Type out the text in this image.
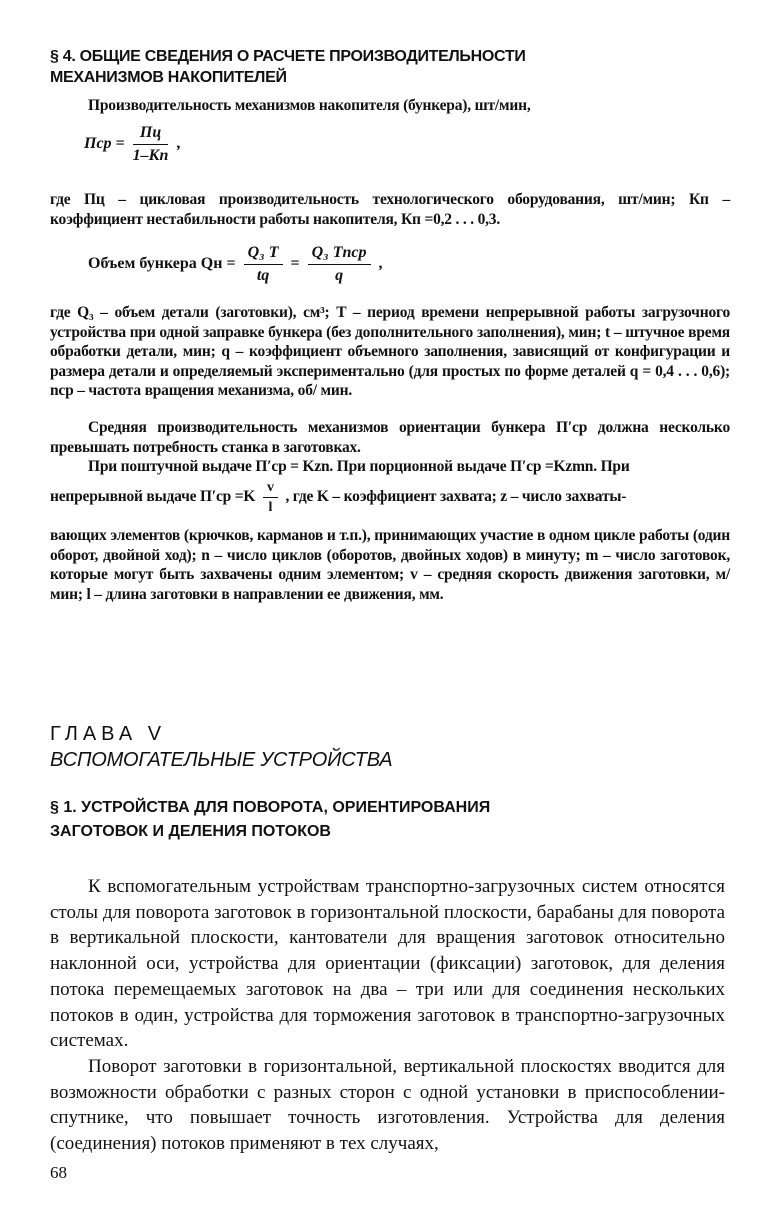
§ 4. ОБЩИЕ СВЕДЕНИЯ О РАСЧЕТЕ ПРОИЗВОДИТЕЛЬНОСТИ
МЕХАНИЗМОВ НАКОПИТЕЛЕЙ
Производительность механизмов накопителя (бункера), шт/мин,
Пср = $\frac{Пц}{1-Кп}$ ,
где Пц – цикловая производительность технологического оборудования, шт/мин; Кп – коэффициент нестабильности работы накопителя, Кп =0,2 . . . 0,3.
Объем бункера Qн = $\frac{\text{Q₃ T}}{tq} = \frac{\text{Q₃ Tnср}}{q}$ ,
где Q₃ – объем детали (заготовки), см³; T – период времени непрерывной работы загрузочного устройства при одной заправке бункера (без дополнительного заполнения), мин; t – штучное время обработки детали, мин; q – коэффициент объемного заполнения, зависящий от конфигурации и размера детали и определяемый экспериментально (для простых по форме деталей q = 0,4 . . . 0,6); nср – частота вращения механизма, об/ мин.
Средняя производительность механизмов ориентации бункера П′ср должна несколько превышать потребность станка в заготовках.
При поштучной выдаче П′ср = Kzn. При порционной выдаче П′ср =Kzmn. При
непрерывной выдаче $П'ср =K \frac{v}{l}$ , где K – коэффициент захвата; z – число захваты-
вающих элементов (крючков, карманов и т.п.), принимающих участие в одном цикле работы (один оборот, двойной ход); n – число циклов (оборотов, двойных ходов) в минуту; m – число заготовок, которые могут быть захвачены одним элементом; v – средняя скорость движения заготовки, м/мин; l – длина заготовки в направлении ее движения, мм.
ГЛАВА V
ВСПОМОГАТЕЛЬНЫЕ УСТРОЙСТВА
§ 1. УСТРОЙСТВА ДЛЯ ПОВОРОТА, ОРИЕНТИРОВАНИЯ
ЗАГОТОВОК И ДЕЛЕНИЯ ПОТОКОВ
К вспомогательным устройствам транспортно-загрузочных систем относятся столы для поворота заготовок в горизонтальной плоскости, барабаны для поворота в вертикальной плоскости, кантователи для вращения заготовок относительно наклонной оси, устройства для ориентации (фиксации) заготовок, для деления потока перемещаемых заготовок на два – три или для соединения нескольких потоков в один, устройства для торможения заготовок в транспортно-загрузочных системах.
Поворот заготовки в горизонтальной, вертикальной плоскостях вводится для возможности обработки с разных сторон с одной установки в приспособлении-спутнике, что повышает точность изготовления. Устройства для деления (соединения) потоков применяют в тех случаях,
68
